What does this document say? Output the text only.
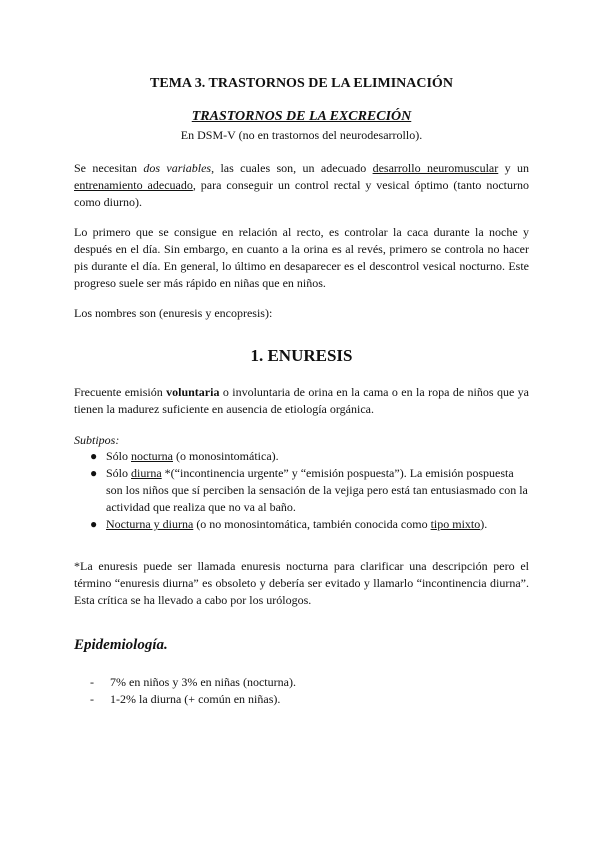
TEMA 3. TRASTORNOS DE LA ELIMINACIÓN
TRASTORNOS DE LA EXCRECIÓN
En DSM-V (no en trastornos del neurodesarrollo).
Se necesitan dos variables, las cuales son, un adecuado desarrollo neuromuscular y un entrenamiento adecuado, para conseguir un control rectal y vesical óptimo (tanto nocturno como diurno).
Lo primero que se consigue en relación al recto, es controlar la caca durante la noche y después en el día. Sin embargo, en cuanto a la orina es al revés, primero se controla no hacer pis durante el día. En general, lo último en desaparecer es el descontrol vesical nocturno. Este progreso suele ser más rápido en niñas que en niños.
Los nombres son (enuresis y encopresis):
1. ENURESIS
Frecuente emisión voluntaria o involuntaria de orina en la cama o en la ropa de niños que ya tienen la madurez suficiente en ausencia de etiología orgánica.
Subtipos:
● Sólo nocturna (o monosintomática).
● Sólo diurna *(“incontinencia urgente” y “emisión pospuesta”). La emisión pospuesta son los niños que sí perciben la sensación de la vejiga pero está tan entusiasmado con la actividad que realiza que no va al baño.
● Nocturna y diurna (o no monosintomática, también conocida como tipo mixto).
*La enuresis puede ser llamada enuresis nocturna para clarificar una descripción pero el término “enuresis diurna” es obsoleto y debería ser evitado y llamarlo “incontinencia diurna”. Esta crítica se ha llevado a cabo por los urólogos.
Epidemiología.
- 7% en niños y 3% en niñas (nocturna).
- 1-2% la diurna (+ común en niñas).
